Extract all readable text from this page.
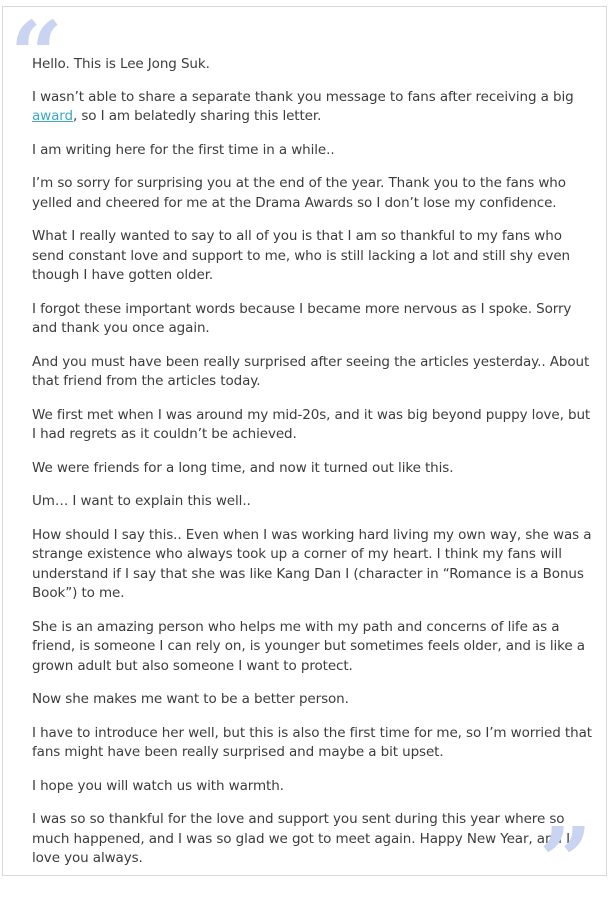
“

Hello. This is Lee Jong Suk.

I wasn’t able to share a separate thank you message to fans after receiving a big award, so I am belatedly sharing this letter.

I am writing here for the first time in a while..

I’m so sorry for surprising you at the end of the year. Thank you to the fans who yelled and cheered for me at the Drama Awards so I don’t lose my confidence.

What I really wanted to say to all of you is that I am so thankful to my fans who send constant love and support to me, who is still lacking a lot and still shy even though I have gotten older.

I forgot these important words because I became more nervous as I spoke. Sorry and thank you once again.

And you must have been really surprised after seeing the articles yesterday.. About that friend from the articles today.

We first met when I was around my mid-20s, and it was big beyond puppy love, but I had regrets as it couldn’t be achieved.

We were friends for a long time, and now it turned out like this.

Um… I want to explain this well..

How should I say this.. Even when I was working hard living my own way, she was a strange existence who always took up a corner of my heart. I think my fans will understand if I say that she was like Kang Dan I (character in “Romance is a Bonus Book”) to me.

She is an amazing person who helps me with my path and concerns of life as a friend, is someone I can rely on, is younger but sometimes feels older, and is like a grown adult but also someone I want to protect.

Now she makes me want to be a better person.

I have to introduce her well, but this is also the first time for me, so I’m worried that fans might have been really surprised and maybe a bit upset.

I hope you will watch us with warmth.

I was so so thankful for the love and support you sent during this year where so much happened, and I was so glad we got to meet again. Happy New Year, and I love you always.	”
